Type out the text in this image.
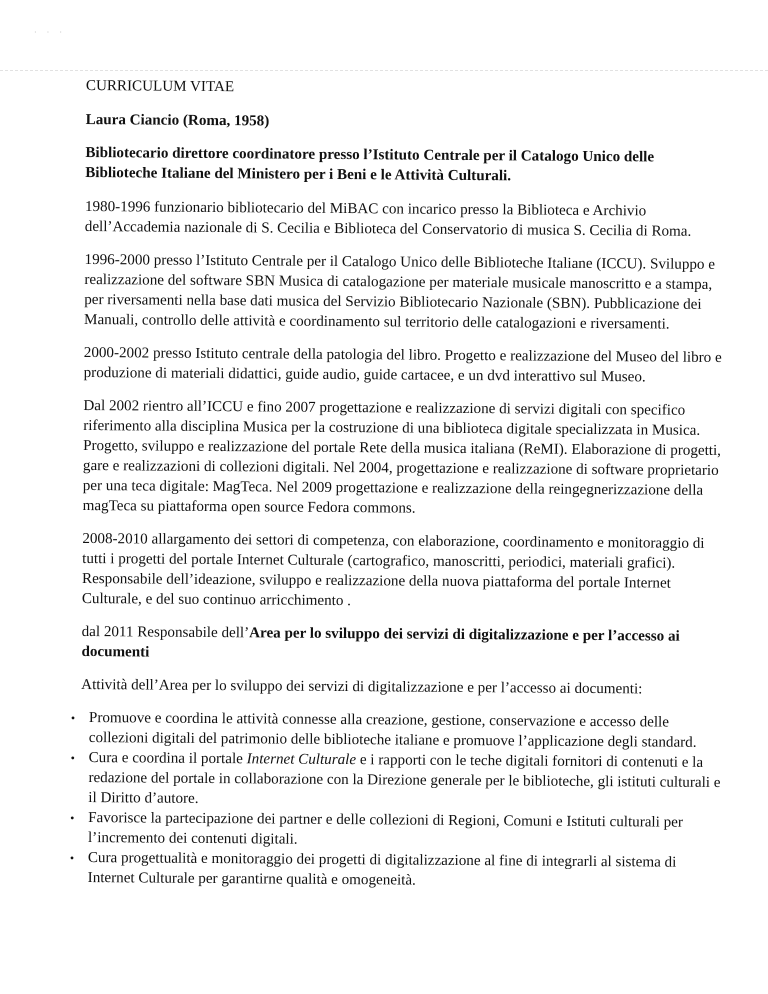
· · ·

CURRICULUM VITAE

Laura Ciancio (Roma, 1958)

Bibliotecario direttore coordinatore presso l’Istituto Centrale per il Catalogo Unico delle Biblioteche Italiane del Ministero per i Beni e le Attività Culturali.

1980-1996 funzionario bibliotecario del MiBAC con incarico presso la Biblioteca e Archivio dell’Accademia nazionale di S. Cecilia e Biblioteca del Conservatorio di musica S. Cecilia di Roma.

1996-2000 presso l’Istituto Centrale per il Catalogo Unico delle Biblioteche Italiane (ICCU). Sviluppo e realizzazione del software SBN Musica di catalogazione per materiale musicale manoscritto e a stampa, per riversamenti nella base dati musica del Servizio Bibliotecario Nazionale (SBN). Pubblicazione dei Manuali, controllo delle attività e coordinamento sul territorio delle catalogazioni e riversamenti.

2000-2002 presso Istituto centrale della patologia del libro. Progetto e realizzazione del Museo del libro e produzione di materiali didattici, guide audio, guide cartacee, e un dvd interattivo sul Museo.

Dal 2002 rientro all’ICCU e fino 2007 progettazione e realizzazione di servizi digitali con specifico riferimento alla disciplina Musica per la costruzione di una biblioteca digitale specializzata in Musica. Progetto, sviluppo e realizzazione del portale Rete della musica italiana (ReMI). Elaborazione di progetti, gare e realizzazioni di collezioni digitali. Nel 2004, progettazione e realizzazione di software proprietario per una teca digitale: MagTeca. Nel 2009 progettazione e realizzazione della reingegnerizzazione della magTeca su piattaforma open source Fedora commons.

2008-2010 allargamento dei settori di competenza, con elaborazione, coordinamento e monitoraggio di tutti i progetti del portale Internet Culturale (cartografico, manoscritti, periodici, materiali grafici). Responsabile dell’ideazione, sviluppo e realizzazione della nuova piattaforma del portale Internet Culturale, e del suo continuo arricchimento .

dal 2011 Responsabile dell’Area per lo sviluppo dei servizi di digitalizzazione e per l’accesso ai documenti

Attività dell’Area per lo sviluppo dei servizi di digitalizzazione e per l’accesso ai documenti:

• Promuove e coordina le attività connesse alla creazione, gestione, conservazione e accesso delle collezioni digitali del patrimonio delle biblioteche italiane e promuove l’applicazione degli standard.
• Cura e coordina il portale Internet Culturale e i rapporti con le teche digitali fornitori di contenuti e la redazione del portale in collaborazione con la Direzione generale per le biblioteche, gli istituti culturali e il Diritto d’autore.
• Favorisce la partecipazione dei partner e delle collezioni di Regioni, Comuni e Istituti culturali per l’incremento dei contenuti digitali.
• Cura progettualità e monitoraggio dei progetti di digitalizzazione al fine di integrarli al sistema di Internet Culturale per garantirne qualità e omogeneità.
